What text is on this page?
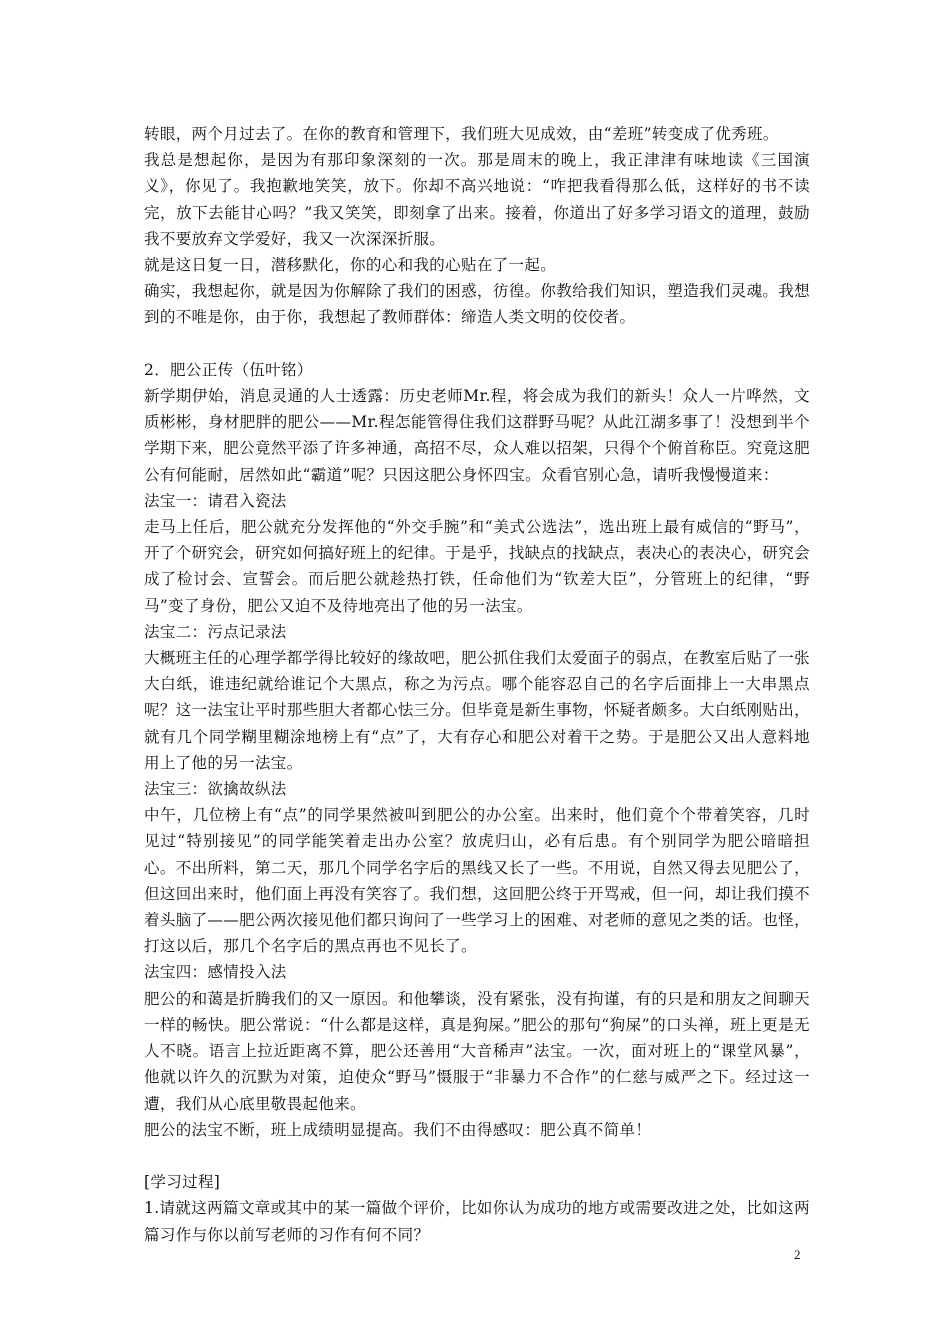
转眼，两个月过去了。在你的教育和管理下，我们班大见成效，由“差班”转变成了优秀班。

我总是想起你，是因为有那印象深刻的一次。那是周末的晚上，我正津津有味地读《三国演义》，你见了。我抱歉地笑笑，放下。你却不高兴地说：“咋把我看得那么低，这样好的书不读完，放下去能甘心吗？”我又笑笑，即刻拿了出来。接着，你道出了好多学习语文的道理，鼓励我不要放弃文学爱好，我又一次深深折服。

就是这日复一日，潜移默化，你的心和我的心贴在了一起。

确实，我想起你，就是因为你解除了我们的困惑，彷徨。你教给我们知识，塑造我们灵魂。我想到的不唯是你，由于你，我想起了教师群体：缔造人类文明的佼佼者。

2．肥公正传（伍叶铭）

新学期伊始，消息灵通的人士透露：历史老师Mr.程，将会成为我们的新头！众人一片哗然，文质彬彬，身材肥胖的肥公——Mr.程怎能管得住我们这群野马呢？从此江湖多事了！没想到半个学期下来，肥公竟然平添了许多神通，高招不尽，众人难以招架，只得个个俯首称臣。究竟这肥公有何能耐，居然如此“霸道”呢？只因这肥公身怀四宝。众看官别心急，请听我慢慢道来：

法宝一：请君入瓷法

走马上任后，肥公就充分发挥他的“外交手腕”和“美式公选法”，选出班上最有威信的“野马”，开了个研究会，研究如何搞好班上的纪律。于是乎，找缺点的找缺点，表决心的表决心，研究会成了检讨会、宣誓会。而后肥公就趁热打铁，任命他们为“钦差大臣”，分管班上的纪律，“野马”变了身份，肥公又迫不及待地亮出了他的另一法宝。

法宝二：污点记录法

大概班主任的心理学都学得比较好的缘故吧，肥公抓住我们太爱面子的弱点，在教室后贴了一张大白纸，谁违纪就给谁记个大黑点，称之为污点。哪个能容忍自己的名字后面排上一大串黑点呢？这一法宝让平时那些胆大者都心怯三分。但毕竟是新生事物，怀疑者颇多。大白纸刚贴出，就有几个同学糊里糊涂地榜上有“点”了，大有存心和肥公对着干之势。于是肥公又出人意料地用上了他的另一法宝。

法宝三：欲擒故纵法

中午，几位榜上有“点”的同学果然被叫到肥公的办公室。出来时，他们竟个个带着笑容，几时见过“特别接见”的同学能笑着走出办公室？放虎归山，必有后患。有个别同学为肥公暗暗担心。不出所料，第二天，那几个同学名字后的黑线又长了一些。不用说，自然又得去见肥公了，但这回出来时，他们面上再没有笑容了。我们想，这回肥公终于开骂戒，但一问，却让我们摸不着头脑了——肥公两次接见他们都只询问了一些学习上的困难、对老师的意见之类的话。也怪，打这以后，那几个名字后的黑点再也不见长了。

法宝四：感情投入法

肥公的和蔼是折腾我们的又一原因。和他攀谈，没有紧张，没有拘谨，有的只是和朋友之间聊天一样的畅快。肥公常说：“什么都是这样，真是狗屎。”肥公的那句“狗屎”的口头禅，班上更是无人不晓。语言上拉近距离不算，肥公还善用“大音稀声”法宝。一次，面对班上的“课堂风暴”，他就以许久的沉默为对策，迫使众“野马”慑服于“非暴力不合作”的仁慈与威严之下。经过这一遭，我们从心底里敬畏起他来。

肥公的法宝不断，班上成绩明显提高。我们不由得感叹：肥公真不简单！

[学习过程]

1.请就这两篇文章或其中的某一篇做个评价，比如你认为成功的地方或需要改进之处，比如这两篇习作与你以前写老师的习作有何不同？

2
